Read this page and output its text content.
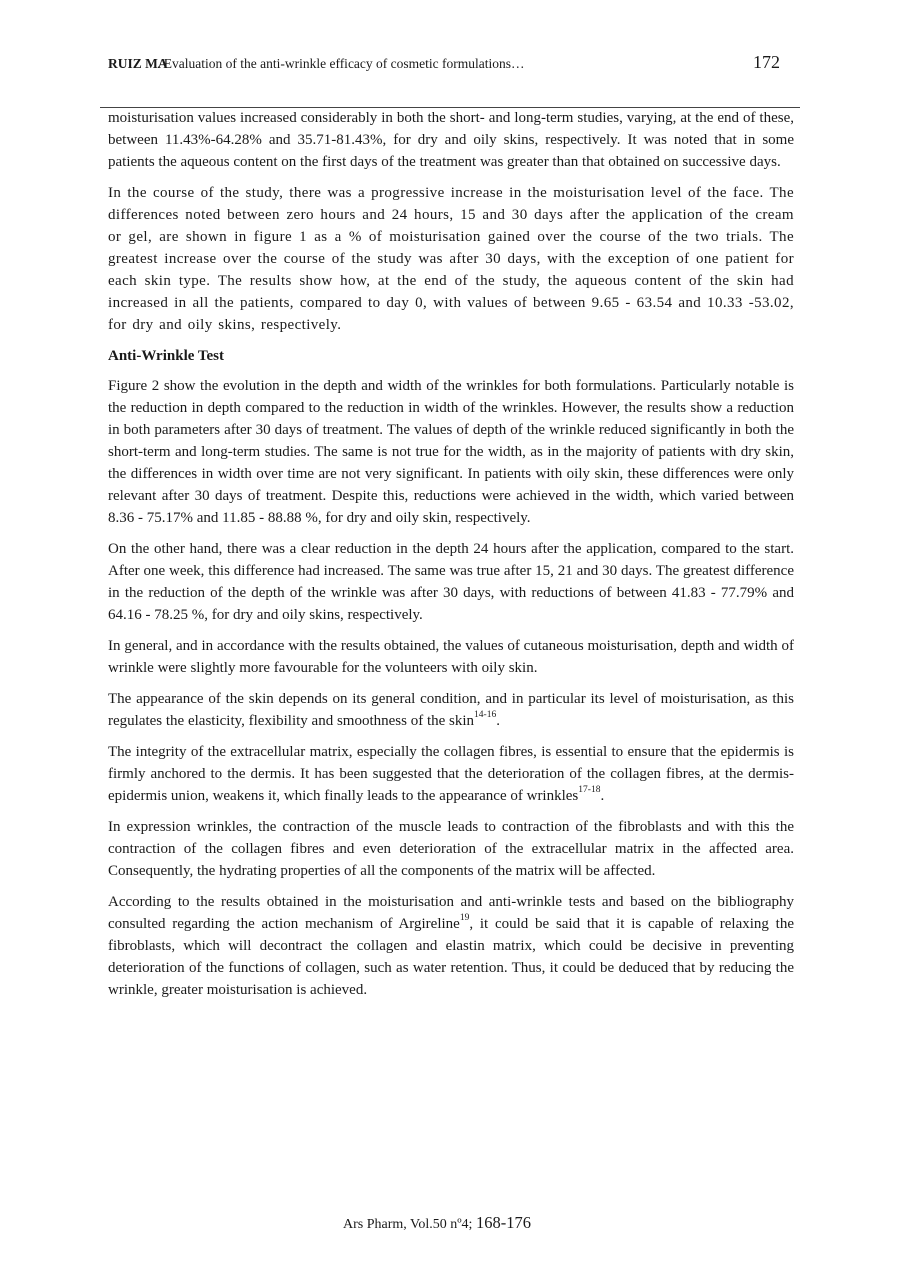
RUIZ MA
. Evaluation of the anti-wrinkle efficacy of cosmetic formulations…	172

moisturisation values increased considerably in both the short- and long-term studies, varying, at the end of these, between 11.43%-64.28% and 35.71-81.43%, for dry and oily skins, respectively. It was noted that in some patients the aqueous content on the first days of the treatment was greater than that obtained on successive days.

In the course of the study, there was a progressive increase in the moisturisation level of the face. The differences noted between zero hours and 24 hours, 15 and 30 days after the application of the cream or gel, are shown in figure 1 as a % of moisturisation gained over the course of the two trials. The greatest increase over the course of the study was after 30 days, with the exception of one patient for each skin type. The results show how, at the end of the study, the aqueous content of the skin had increased in all the patients, compared to day 0, with values of between 9.65 - 63.54 and 10.33 -53.02, for dry and oily skins, respectively.

Anti-Wrinkle Test

Figure 2 show the evolution in the depth and width of the wrinkles for both formulations. Particularly notable is the reduction in depth compared to the reduction in width of the wrinkles. However, the results show a reduction in both parameters after 30 days of treatment. The values of depth of the wrinkle reduced significantly in both the short-term and long-term studies. The same is not true for the width, as in the majority of patients with dry skin, the differences in width over time are not very significant. In patients with oily skin, these differences were only relevant after 30 days of treatment. Despite this, reductions were achieved in the width, which varied between 8.36 - 75.17% and 11.85 - 88.88 %, for dry and oily skin, respectively.

On the other hand, there was a clear reduction in the depth 24 hours after the application, compared to the start. After one week, this difference had increased. The same was true after 15, 21 and 30 days. The greatest difference in the reduction of the depth of the wrinkle was after 30 days, with reductions of between 41.83 - 77.79% and 64.16 - 78.25 %, for dry and oily skins, respectively.

In general, and in accordance with the results obtained, the values of cutaneous moisturisation, depth and width of wrinkle were slightly more favourable for the volunteers with oily skin.

The appearance of the skin depends on its general condition, and in particular its level of moisturisation, as this regulates the elasticity, flexibility and smoothness of the skin$^{14-16}$.

The integrity of the extracellular matrix, especially the collagen fibres, is essential to ensure that the epidermis is firmly anchored to the dermis. It has been suggested that the deterioration of the collagen fibres, at the dermis-epidermis union, weakens it, which finally leads to the appearance of wrinkles$^{17-18}$.

In expression wrinkles, the contraction of the muscle leads to contraction of the fibroblasts and with this the contraction of the collagen fibres and even deterioration of the extracellular matrix in the affected area. Consequently, the hydrating properties of all the components of the matrix will be affected.

According to the results obtained in the moisturisation and anti-wrinkle tests and based on the bibliography consulted regarding the action mechanism of Argireline$^{19}$, it could be said that it is capable of relaxing the fibroblasts, which will decontract the collagen and elastin matrix, which could be decisive in preventing deterioration of the functions of collagen, such as water retention. Thus, it could be deduced that by reducing the wrinkle, greater moisturisation is achieved.

Ars Pharm, Vol.50 nº4; 168-176
